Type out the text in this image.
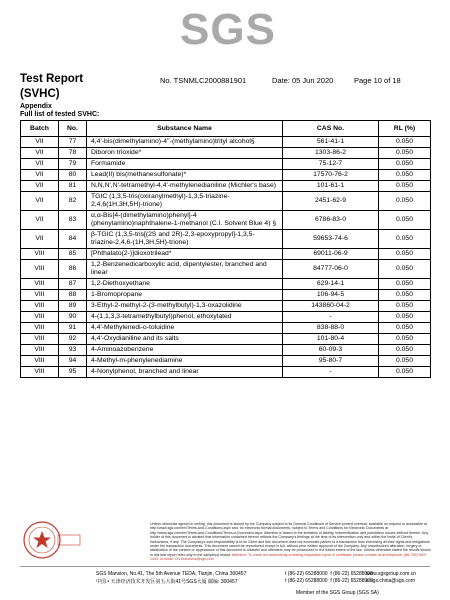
SGS
Test Report
(SVHC)
No. TSNMLC2000881901	Date: 05 Jun 2020	Page 10 of 18
Appendix
Full list of tested SVHC:
Batch	No.	Substance Name	CAS No.	RL (%)
VII	77	4,4'-bis(dimethylamino)-4''-(methylamino)trityl alcohol§	561-41-1	0.050
VII	78	Diboron trioxide*	1303-86-2	0.050
VII	79	Formamide	75-12-7	0.050
VII	80	Lead(II) bis(methanesulfonate)*	17570-76-2	0.050
VII	81	N,N,N',N'-tetramethyl-4,4'-methylenedianiline (Michler's base)	101-61-1	0.050
VII	82	TGIC (1,3,5-tris(oxiranylmethyl)-1,3,5-triazine-2,4,6(1H,3H,5H)-trione)	2451-62-9	0.050
VII	83	α,α-Bis[4-(dimethylamino)phenyl]-4 (phenylamino)naphthalene-1-methanol (C.I. Solvent Blue 4) §	6786-83-0	0.050
VII	84	β-TGIC (1,3,5-tris[(2S and 2R)-2,3-epoxypropyl]-1,3,5-triazine-2,4,6-(1H,3H,5H)-trione)	59653-74-6	0.050
VIII	85	[Phthalato(2-)]dioxotrilead*	69011-06-9	0.050
VIII	86	1,2-Benzenedicarboxylic acid, dipentylester, branched and linear	84777-06-0	0.050
VIII	87	1,2-Diethoxyethane	629-14-1	0.050
VIII	88	1-Bromopropane	106-94-5	0.050
VIII	89	3-Ethyl-2-methyl-2-(3-methylbutyl)-1,3-oxazolidine	143860-04-2	0.050
VIII	90	4-(1,1,3,3-tetramethylbutyl)phenol, ethoxylated	-	0.050
VIII	91	4,4'-Methylenedi-o-toluidine	838-88-0	0.050
VIII	92	4,4'-Oxydianiline and its salts	101-80-4	0.050
VIII	93	4-Aminoazobenzene	60-09-3	0.050
VIII	94	4-Methyl-m-phenylenediamine	95-80-7	0.050
VIII	95	4-Nonylphenol, branched and linear	-	0.050
Unless otherwise agreed in writing, this document is issued by the Company subject to its General Conditions of Service printed overleaf, available on request or accessible at http://www.sgs.com/en/Terms-and-Conditions.aspx and, for electronic format documents, subject to Terms and Conditions for Electronic Documents at http://www.sgs.com/en/Terms-and-Conditions/Terms-e-Document.aspx. Attention is drawn to the limitation of liability, indemnification and jurisdiction issues defined therein. Any holder of this document is advised that information contained hereon reflects the Company's findings at the time of its intervention only and within the limits of Client's instructions, if any. The Company's sole responsibility is to its Client and this document does not exonerate parties to a transaction from exercising all their rights and obligations under the transaction documents. This document cannot be reproduced except in full, without prior written approval of the Company. Any unauthorized alteration, forgery or falsification of the content or appearance of this document is unlawful and offenders may be prosecuted to the fullest extent of the law. Unless otherwise stated the results shown in this test report refer only to the sample(s) tested. Attention: To check the authenticity of testing /inspection report & certificate, please contact us at telephone: (86-755) 8307 1443, or email: CN.Doccheck@sgs.com
SGS Mansion, No.41, The 5th Avenue TEDA, Tianjin, China 300457
中国 • 天津经济技术开发区第五大街41号SGS大厦 邮编: 300457
t (86-22) 65288000 f (86-22) 65288000
t (86-22) 65288000 f (86-22) 65288000
www.sgsgroup.com.cn
e sgs.china@sgs.com
Member of the SGS Group (SGS SA)
